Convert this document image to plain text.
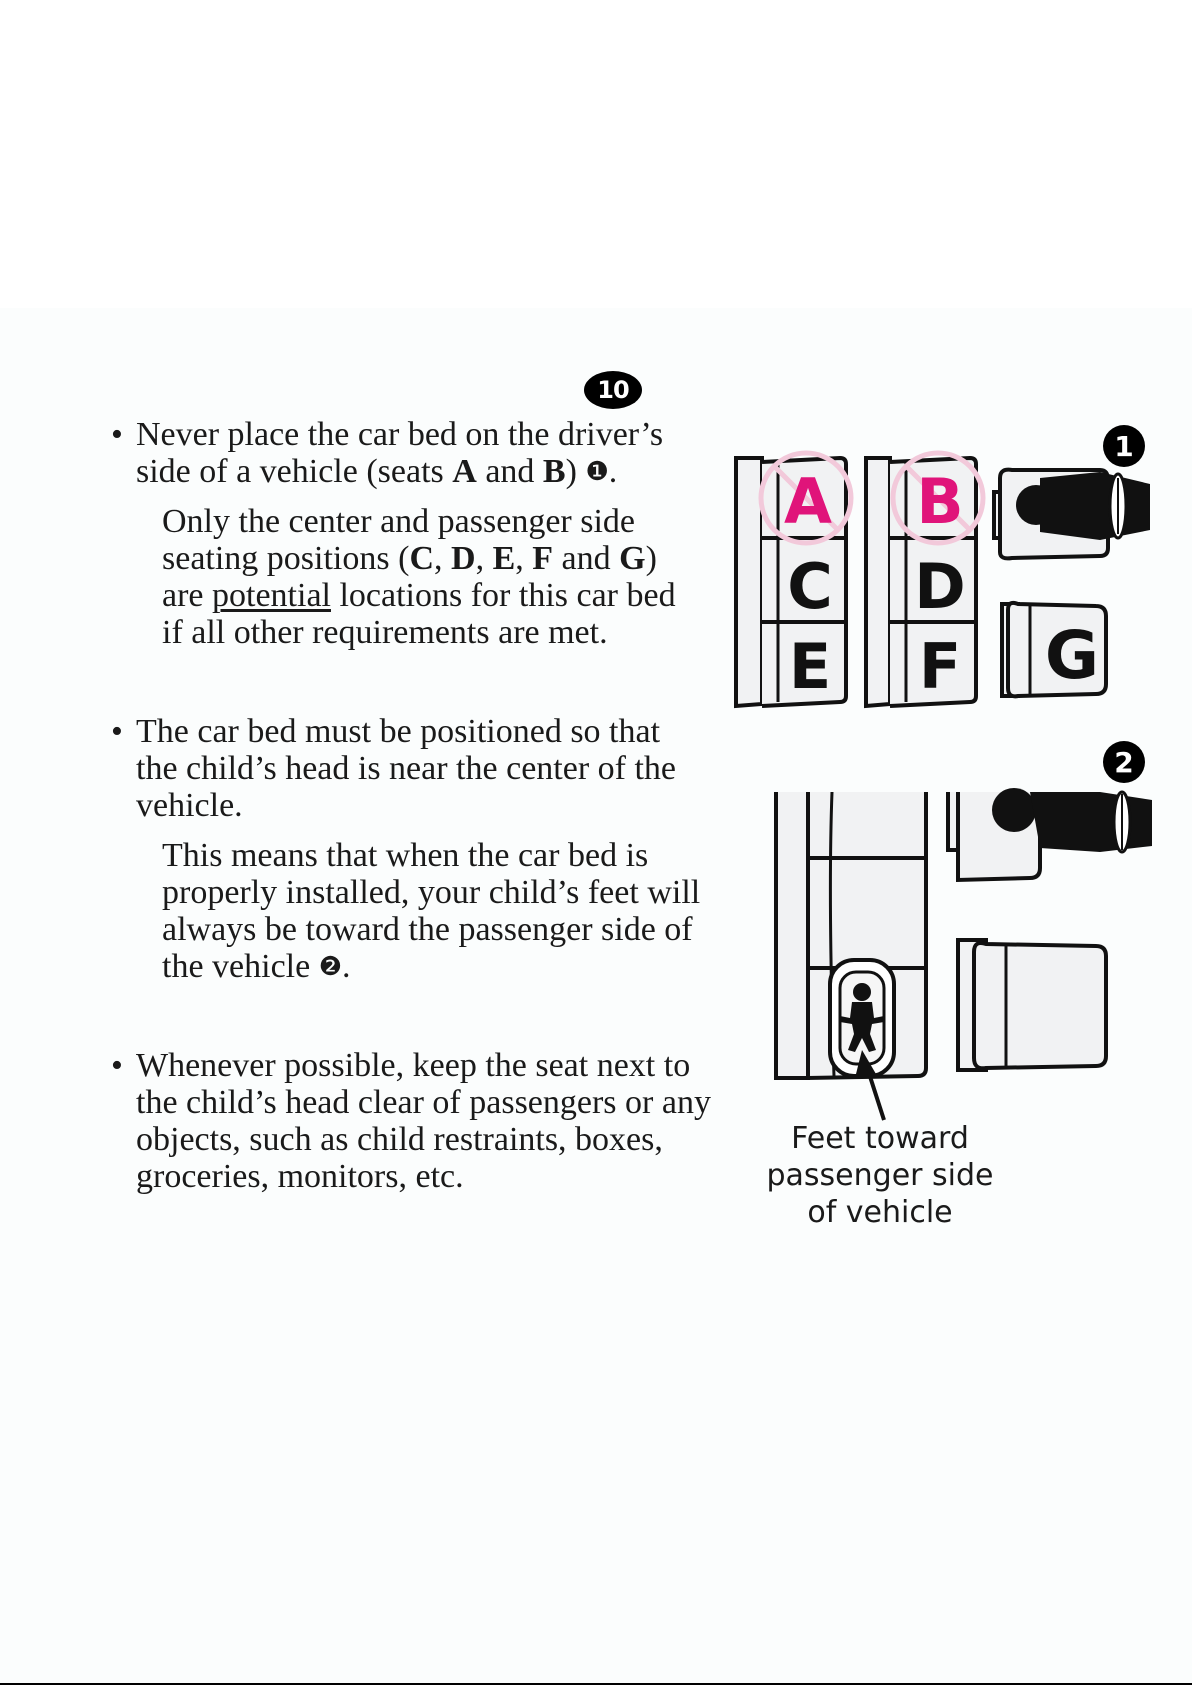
10
• Never place the car bed on the driver’s
side of a vehicle (seats A and B) ❶.
Only the center and passenger side
seating positions (C, D, E, F and G)
are potential locations for this car bed
if all other requirements are met.
• The car bed must be positioned so that
the child’s head is near the center of the
vehicle.
This means that when the car bed is
properly installed, your child’s feet will
always be toward the passenger side of
the vehicle ❷.
• Whenever possible, keep the seat next to
the child’s head clear of passengers or any
objects, such as child restraints, boxes,
groceries, monitors, etc.
1
C
E
D
F
A B
G
2
Feet toward
passenger side
of vehicle
